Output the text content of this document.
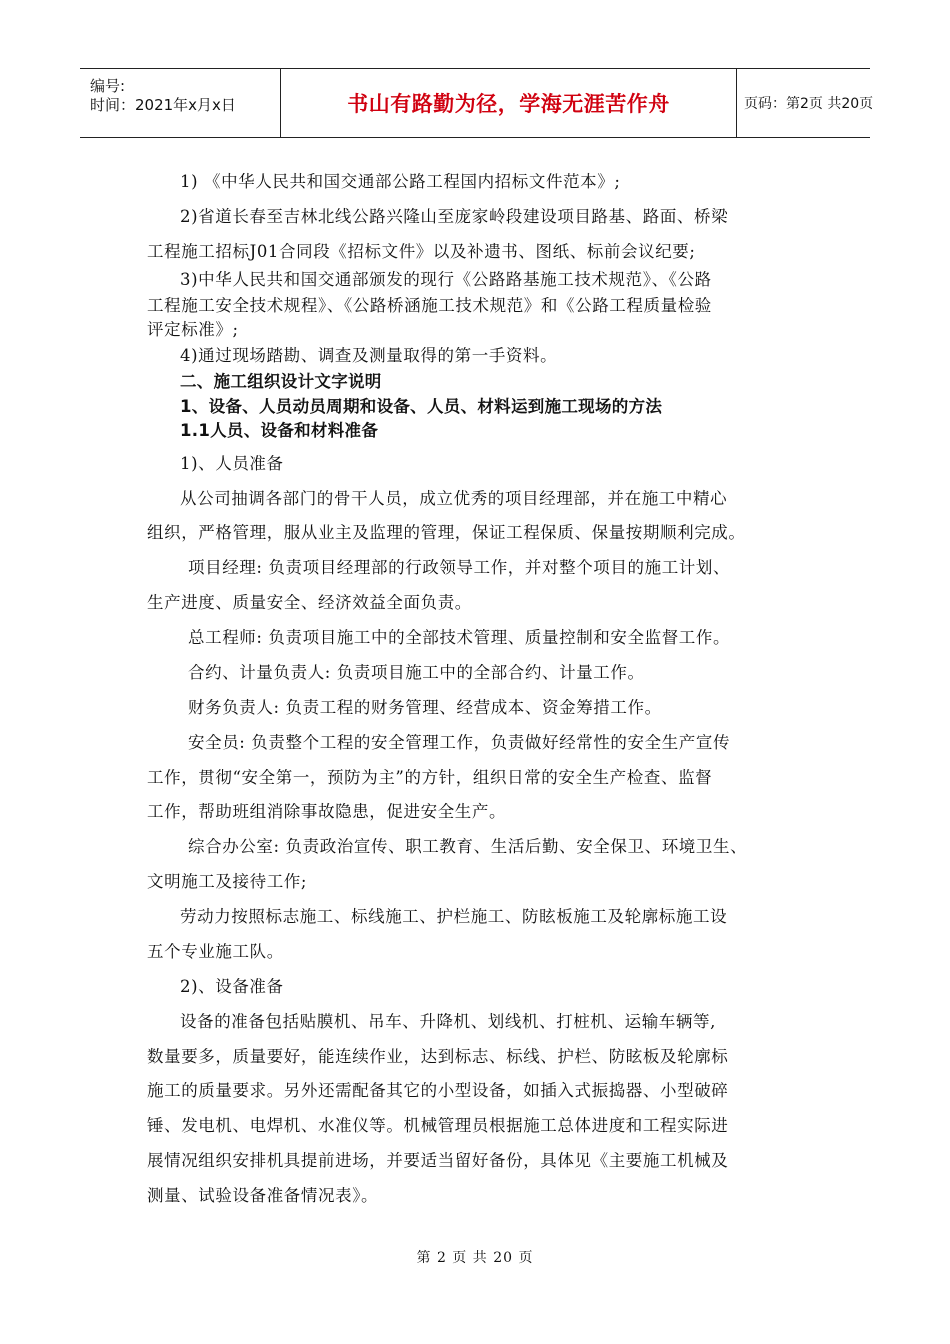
编号:
时间：2021年x月x日	书山有路勤为径，学海无涯苦作舟	页码：第2页 共20页
1) 《中华人民共和国交通部公路工程国内招标文件范本》;
2)省道长春至吉林北线公路兴隆山至庞家岭段建设项目路基、路面、桥梁
工程施工招标J01合同段《招标文件》以及补遗书、图纸、标前会议纪要;
3)中华人民共和国交通部颁发的现行《公路路基施工技术规范》、《公路
工程施工安全技术规程》、《公路桥涵施工技术规范》和《公路工程质量检验
评定标准》;
4)通过现场踏勘、调查及测量取得的第一手资料。
二、施工组织设计文字说明
1、设备、人员动员周期和设备、人员、材料运到施工现场的方法
1.1人员、设备和材料准备
1)、人员准备
从公司抽调各部门的骨干人员，成立优秀的项目经理部，并在施工中精心
组织，严格管理，服从业主及监理的管理，保证工程保质、保量按期顺利完成。
项目经理: 负责项目经理部的行政领导工作，并对整个项目的施工计划、
生产进度、质量安全、经济效益全面负责。
总工程师: 负责项目施工中的全部技术管理、质量控制和安全监督工作。
合约、计量负责人: 负责项目施工中的全部合约、计量工作。
财务负责人: 负责工程的财务管理、经营成本、资金筹措工作。
安全员: 负责整个工程的安全管理工作，负责做好经常性的安全生产宣传
工作，贯彻“安全第一，预防为主”的方针，组织日常的安全生产检查、监督
工作，帮助班组消除事故隐患，促进安全生产。
综合办公室: 负责政治宣传、职工教育、生活后勤、安全保卫、环境卫生、
文明施工及接待工作;
劳动力按照标志施工、标线施工、护栏施工、防眩板施工及轮廓标施工设
五个专业施工队。
2)、设备准备
设备的准备包括贴膜机、吊车、升降机、划线机、打桩机、运输车辆等,
数量要多，质量要好，能连续作业，达到标志、标线、护栏、防眩板及轮廓标
施工的质量要求。另外还需配备其它的小型设备，如插入式振捣器、小型破碎
锤、发电机、电焊机、水准仪等。机械管理员根据施工总体进度和工程实际进
展情况组织安排机具提前进场，并要适当留好备份，具体见《主要施工机械及
测量、试验设备准备情况表》。
第 2 页 共 20 页
